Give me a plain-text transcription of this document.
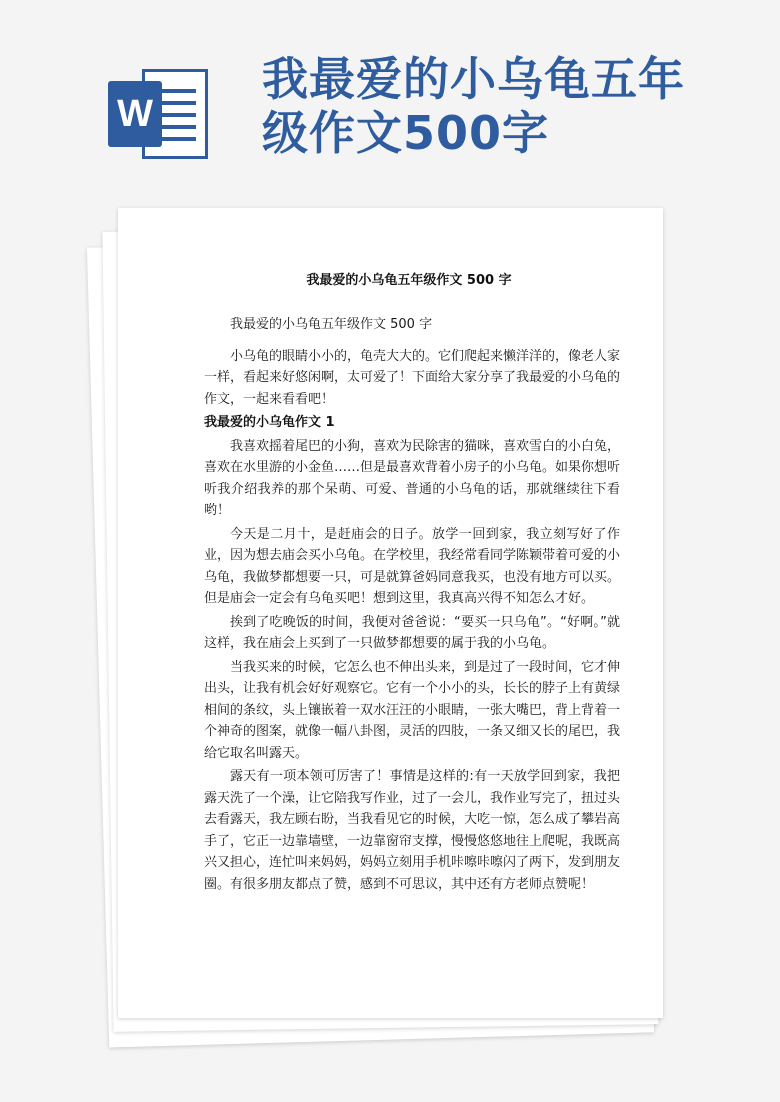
W
我最爱的小乌龟五年级作文500字
我最爱的小乌龟五年级作文 500 字

我最爱的小乌龟五年级作文 500 字

小乌龟的眼睛小小的，龟壳大大的。它们爬起来懒洋洋的，像老人家一样，看起来好悠闲啊，太可爱了！下面给大家分享了我最爱的小乌龟的作文，一起来看看吧！

我最爱的小乌龟作文 1

我喜欢摇着尾巴的小狗，喜欢为民除害的猫咪，喜欢雪白的小白兔，喜欢在水里游的小金鱼……但是最喜欢背着小房子的小乌龟。如果你想听听我介绍我养的那个呆萌、可爱、普通的小乌龟的话，那就继续往下看哟！

今天是二月十，是赶庙会的日子。放学一回到家，我立刻写好了作业，因为想去庙会买小乌龟。在学校里，我经常看同学陈颖带着可爱的小乌龟，我做梦都想要一只，可是就算爸妈同意我买，也没有地方可以买。但是庙会一定会有乌龟买吧！想到这里，我真高兴得不知怎么才好。

挨到了吃晚饭的时间，我便对爸爸说：“要买一只乌龟”。“好啊。”就这样，我在庙会上买到了一只做梦都想要的属于我的小乌龟。

当我买来的时候，它怎么也不伸出头来，到是过了一段时间，它才伸出头，让我有机会好好观察它。它有一个小小的头，长长的脖子上有黄绿相间的条纹，头上镶嵌着一双水汪汪的小眼睛，一张大嘴巴，背上背着一个神奇的图案，就像一幅八卦图，灵活的四肢，一条又细又长的尾巴，我给它取名叫露天。

露天有一项本领可厉害了！事情是这样的:有一天放学回到家，我把露天洗了一个澡，让它陪我写作业，过了一会儿，我作业写完了，扭过头去看露天，我左顾右盼，当我看见它的时候，大吃一惊，怎么成了攀岩高手了，它正一边靠墙壁，一边靠窗帘支撑，慢慢悠悠地往上爬呢，我既高兴又担心，连忙叫来妈妈，妈妈立刻用手机咔嚓咔嚓闪了两下，发到朋友圈。有很多朋友都点了赞，感到不可思议，其中还有方老师点赞呢！
